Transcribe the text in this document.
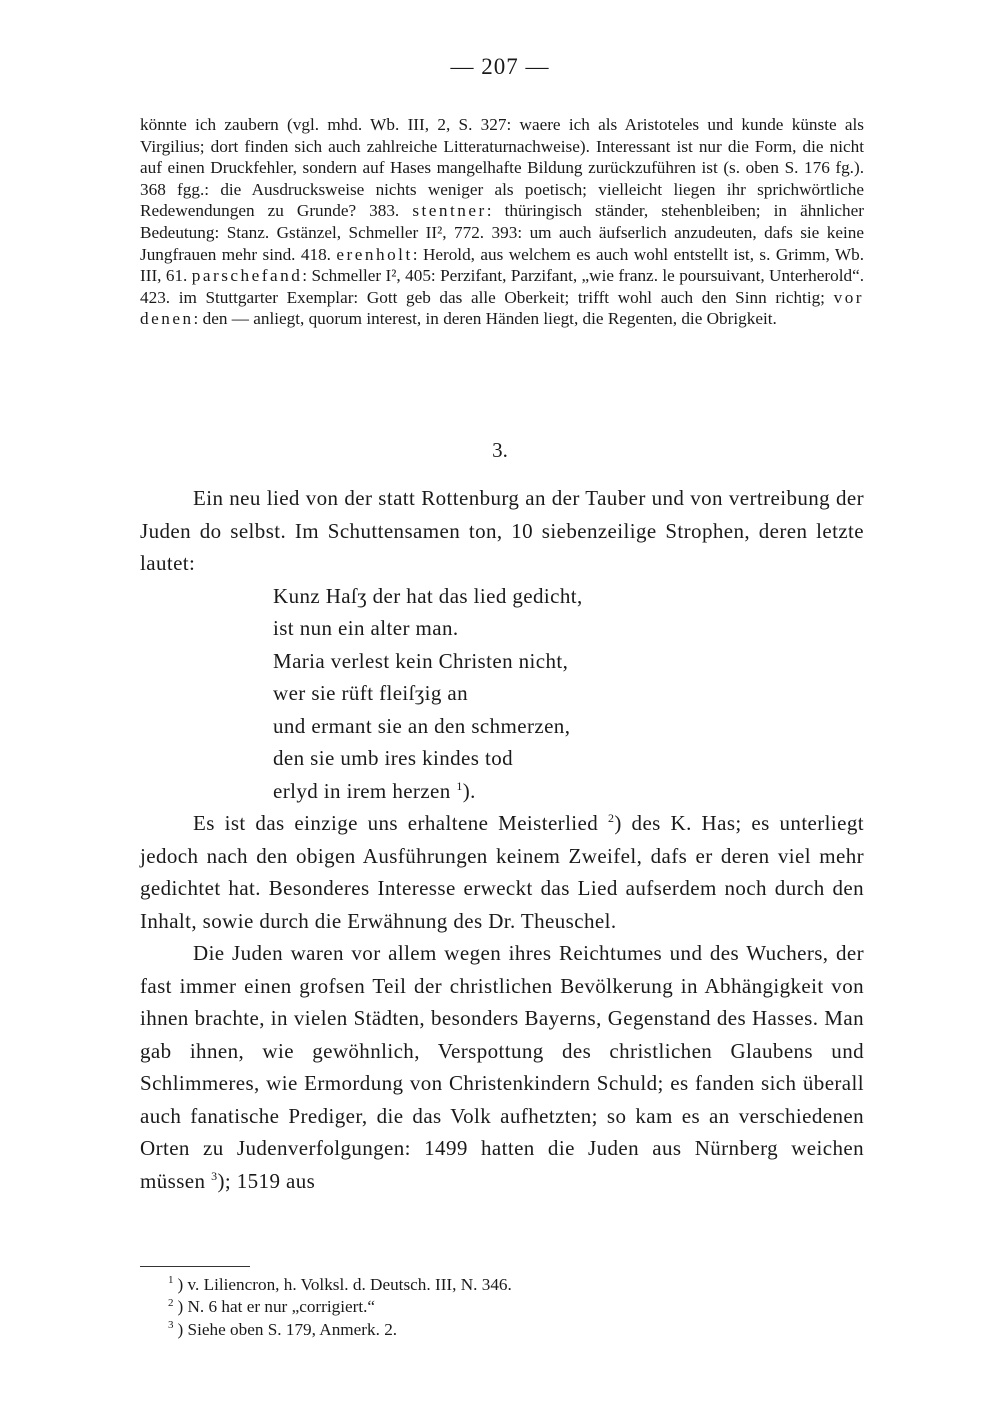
— 207 —

könnte ich zaubern (vgl. mhd. Wb. III, 2, S. 327: waere ich als Aristoteles und kunde künste als Virgilius; dort finden sich auch zahlreiche Litteraturnachweise). Interessant ist nur die Form, die nicht auf einen Druckfehler, sondern auf Hases mangelhafte Bildung zurückzuführen ist (s. oben S. 176 fg.). 368 fgg.: die Ausdrucksweise nichts weniger als poetisch; vielleicht liegen ihr sprichwörtliche Redewendungen zu Grunde? 383. stentner: thüringisch ständer, stehenbleiben; in ähnlicher Bedeutung: Stanz. Gstänzel, Schmeller II², 772. 393: um auch äufserlich anzudeuten, dafs sie keine Jungfrauen mehr sind. 418. erenholt: Herold, aus welchem es auch wohl entstellt ist, s. Grimm, Wb. III, 61. parschefand: Schmeller I², 405: Perzifant, Parzifant, „wie franz. le poursuivant, Unterherold“. 423. im Stuttgarter Exemplar: Gott geb das alle Oberkeit; trifft wohl auch den Sinn richtig; vor denen: den — anliegt, quorum interest, in deren Händen liegt, die Regenten, die Obrigkeit.

3.

Ein neu lied von der statt Rottenburg an der Tauber und von vertreibung der Juden do selbst. Im Schuttensamen ton, 10 siebenzeilige Strophen, deren letzte lautet:

Kunz Haſʒ der hat das lied gedicht,
ist nun ein alter man.
Maria verlest kein Christen nicht,
wer sie rüft fleiſʒig an
und ermant sie an den schmerzen,
den sie umb ires kindes tod
erlyd in irem herzen $^1$).

Es ist das einzige uns erhaltene Meisterlied $^2$) des K. Has; es unterliegt jedoch nach den obigen Ausführungen keinem Zweifel, dafs er deren viel mehr gedichtet hat. Besonderes Interesse erweckt das Lied aufserdem noch durch den Inhalt, sowie durch die Erwähnung des Dr. Theuschel.

Die Juden waren vor allem wegen ihres Reichtumes und des Wuchers, der fast immer einen grofsen Teil der christlichen Bevölkerung in Abhängigkeit von ihnen brachte, in vielen Städten, besonders Bayerns, Gegenstand des Hasses. Man gab ihnen, wie gewöhnlich, Verspottung des christlichen Glaubens und Schlimmeres, wie Ermordung von Christenkindern Schuld; es fanden sich überall auch fanatische Prediger, die das Volk aufhetzten; so kam es an verschiedenen Orten zu Judenverfolgungen: 1499 hatten die Juden aus Nürnberg weichen müssen $^3$); 1519 aus

$^1$ ) v. Liliencron, h. Volksl. d. Deutsch. III, N. 346.
$^2$ ) N. 6 hat er nur „corrigiert.“
$^3$ ) Siehe oben S. 179, Anmerk. 2.
